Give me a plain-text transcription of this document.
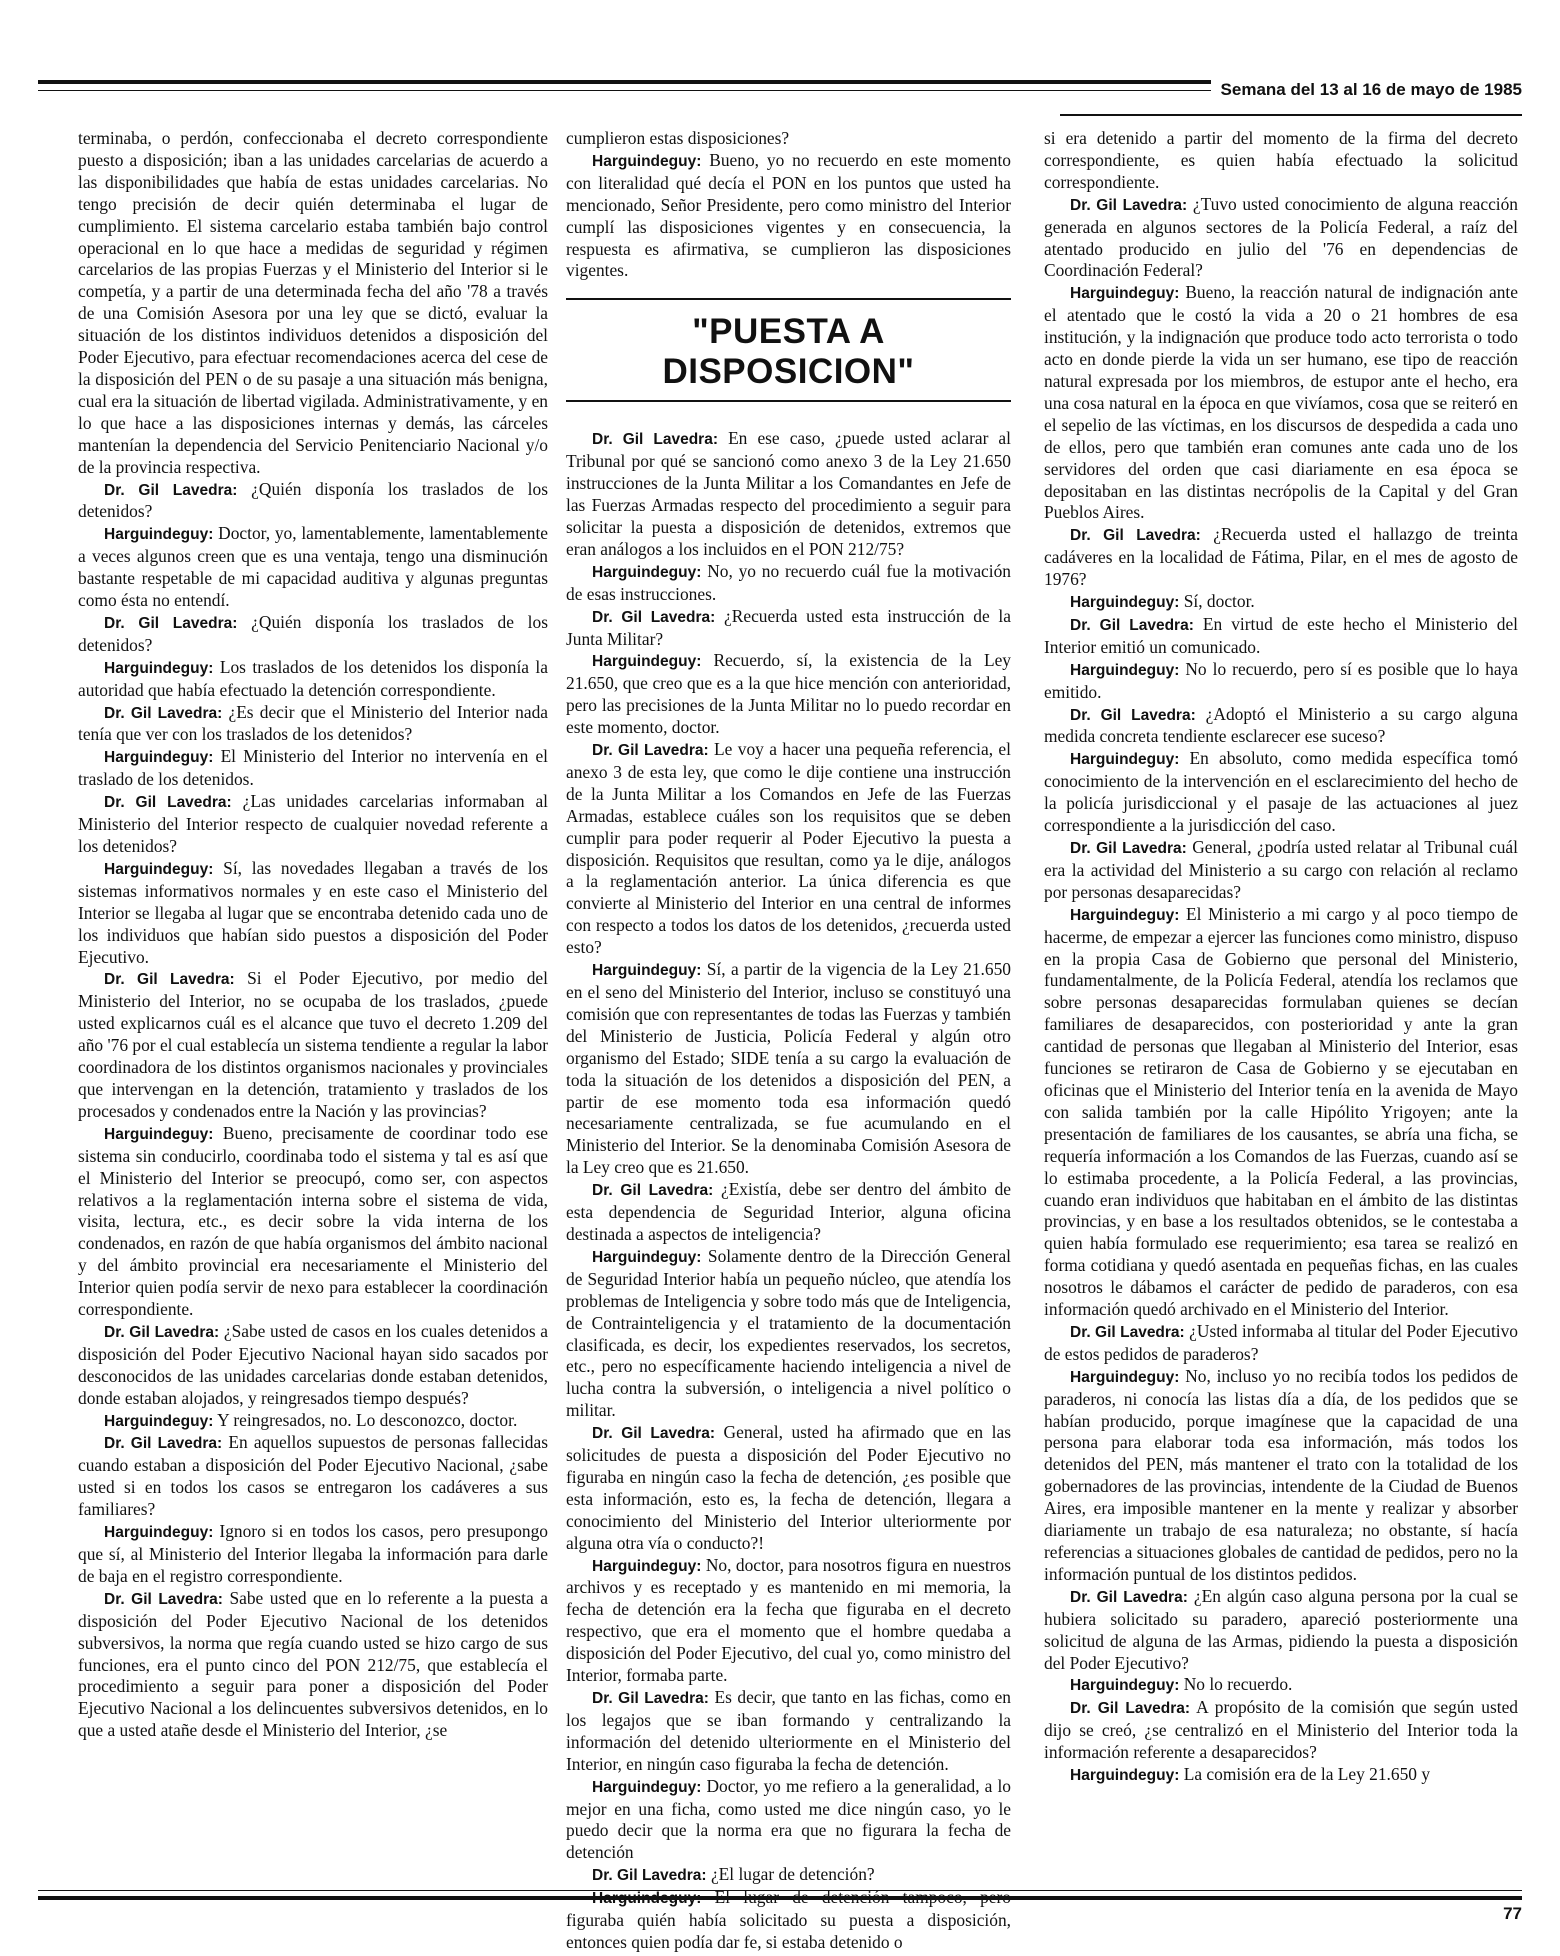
Semana del 13 al 16 de mayo de 1985

terminaba, o perdón, confeccionaba el decreto correspondiente puesto a disposición; iban a las unidades carcelarias de acuerdo a las disponibilidades que había de estas unidades carcelarias. No tengo precisión de decir quién determinaba el lugar de cumplimiento. El sistema carcelario estaba también bajo control operacional en lo que hace a medidas de seguridad y régimen carcelarios de las propias Fuerzas y el Ministerio del Interior si le competía, y a partir de una determinada fecha del año '78 a través de una Comisión Asesora por una ley que se dictó, evaluar la situación de los distintos individuos detenidos a disposición del Poder Ejecutivo, para efectuar recomendaciones acerca del cese de la disposición del PEN o de su pasaje a una situación más benigna, cual era la situación de libertad vigilada. Administrativamente, y en lo que hace a las disposiciones internas y demás, las cárceles mantenían la dependencia del Servicio Penitenciario Nacional y/o de la provincia respectiva.

Dr. Gil Lavedra: ¿Quién disponía los traslados de los detenidos?

Harguindeguy: Doctor, yo, lamentablemente, lamentablemente a veces algunos creen que es una ventaja, tengo una disminución bastante respetable de mi capacidad auditiva y algunas preguntas como ésta no entendí.

Dr. Gil Lavedra: ¿Quién disponía los traslados de los detenidos?

Harguindeguy: Los traslados de los detenidos los disponía la autoridad que había efectuado la detención correspondiente.

Dr. Gil Lavedra: ¿Es decir que el Ministerio del Interior nada tenía que ver con los traslados de los detenidos?

Harguindeguy: El Ministerio del Interior no intervenía en el traslado de los detenidos.

Dr. Gil Lavedra: ¿Las unidades carcelarias informaban al Ministerio del Interior respecto de cualquier novedad referente a los detenidos?

Harguindeguy: Sí, las novedades llegaban a través de los sistemas informativos normales y en este caso el Ministerio del Interior se llegaba al lugar que se encontraba detenido cada uno de los individuos que habían sido puestos a disposición del Poder Ejecutivo.

Dr. Gil Lavedra: Si el Poder Ejecutivo, por medio del Ministerio del Interior, no se ocupaba de los traslados, ¿puede usted explicarnos cuál es el alcance que tuvo el decreto 1.209 del año '76 por el cual establecía un sistema tendiente a regular la labor coordinadora de los distintos organismos nacionales y provinciales que intervengan en la detención, tratamiento y traslados de los procesados y condenados entre la Nación y las provincias?

Harguindeguy: Bueno, precisamente de coordinar todo ese sistema sin conducirlo, coordinaba todo el sistema y tal es así que el Ministerio del Interior se preocupó, como ser, con aspectos relativos a la reglamentación interna sobre el sistema de vida, visita, lectura, etc., es decir sobre la vida interna de los condenados, en razón de que había organismos del ámbito nacional y del ámbito provincial era necesariamente el Ministerio del Interior quien podía servir de nexo para establecer la coordinación correspondiente.

Dr. Gil Lavedra: ¿Sabe usted de casos en los cuales detenidos a disposición del Poder Ejecutivo Nacional hayan sido sacados por desconocidos de las unidades carcelarias donde estaban detenidos, donde estaban alojados, y reingresados tiempo después?

Harguindeguy: Y reingresados, no. Lo desconozco, doctor.

Dr. Gil Lavedra: En aquellos supuestos de personas fallecidas cuando estaban a disposición del Poder Ejecutivo Nacional, ¿sabe usted si en todos los casos se entregaron los cadáveres a sus familiares?

Harguindeguy: Ignoro si en todos los casos, pero presupongo que sí, al Ministerio del Interior llegaba la información para darle de baja en el registro correspondiente.

Dr. Gil Lavedra: Sabe usted que en lo referente a la puesta a disposición del Poder Ejecutivo Nacional de los detenidos subversivos, la norma que regía cuando usted se hizo cargo de sus funciones, era el punto cinco del PON 212/75, que establecía el procedimiento a seguir para poner a disposición del Poder Ejecutivo Nacional a los delincuentes subversivos detenidos, en lo que a usted atañe desde el Ministerio del Interior, ¿se

cumplieron estas disposiciones?

Harguindeguy: Bueno, yo no recuerdo en este momento con literalidad qué decía el PON en los puntos que usted ha mencionado, Señor Presidente, pero como ministro del Interior cumplí las disposiciones vigentes y en consecuencia, la respuesta es afirmativa, se cumplieron las disposiciones vigentes.

"PUESTA A DISPOSICION"

Dr. Gil Lavedra: En ese caso, ¿puede usted aclarar al Tribunal por qué se sancionó como anexo 3 de la Ley 21.650 instrucciones de la Junta Militar a los Comandantes en Jefe de las Fuerzas Armadas respecto del procedimiento a seguir para solicitar la puesta a disposición de detenidos, extremos que eran análogos a los incluidos en el PON 212/75?

Harguindeguy: No, yo no recuerdo cuál fue la motivación de esas instrucciones.

Dr. Gil Lavedra: ¿Recuerda usted esta instrucción de la Junta Militar?

Harguindeguy: Recuerdo, sí, la existencia de la Ley 21.650, que creo que es a la que hice mención con anterioridad, pero las precisiones de la Junta Militar no lo puedo recordar en este momento, doctor.

Dr. Gil Lavedra: Le voy a hacer una pequeña referencia, el anexo 3 de esta ley, que como le dije contiene una instrucción de la Junta Militar a los Comandos en Jefe de las Fuerzas Armadas, establece cuáles son los requisitos que se deben cumplir para poder requerir al Poder Ejecutivo la puesta a disposición. Requisitos que resultan, como ya le dije, análogos a la reglamentación anterior. La única diferencia es que convierte al Ministerio del Interior en una central de informes con respecto a todos los datos de los detenidos, ¿recuerda usted esto?

Harguindeguy: Sí, a partir de la vigencia de la Ley 21.650 en el seno del Ministerio del Interior, incluso se constituyó una comisión que con representantes de todas las Fuerzas y también del Ministerio de Justicia, Policía Federal y algún otro organismo del Estado; SIDE tenía a su cargo la evaluación de toda la situación de los detenidos a disposición del PEN, a partir de ese momento toda esa información quedó necesariamente centralizada, se fue acumulando en el Ministerio del Interior. Se la denominaba Comisión Asesora de la Ley creo que es 21.650.

Dr. Gil Lavedra: ¿Existía, debe ser dentro del ámbito de esta dependencia de Seguridad Interior, alguna oficina destinada a aspectos de inteligencia?

Harguindeguy: Solamente dentro de la Dirección General de Seguridad Interior había un pequeño núcleo, que atendía los problemas de Inteligencia y sobre todo más que de Inteligencia, de Contrainteligencia y el tratamiento de la documentación clasificada, es decir, los expedientes reservados, los secretos, etc., pero no específicamente haciendo inteligencia a nivel de lucha contra la subversión, o inteligencia a nivel político o militar.

Dr. Gil Lavedra: General, usted ha afirmado que en las solicitudes de puesta a disposición del Poder Ejecutivo no figuraba en ningún caso la fecha de detención, ¿es posible que esta información, esto es, la fecha de detención, llegara a conocimiento del Ministerio del Interior ulteriormente por alguna otra vía o conducto?!

Harguindeguy: No, doctor, para nosotros figura en nuestros archivos y es receptado y es mantenido en mi memoria, la fecha de detención era la fecha que figuraba en el decreto respectivo, que era el momento que el hombre quedaba a disposición del Poder Ejecutivo, del cual yo, como ministro del Interior, formaba parte.

Dr. Gil Lavedra: Es decir, que tanto en las fichas, como en los legajos que se iban formando y centralizando la información del detenido ulteriormente en el Ministerio del Interior, en ningún caso figuraba la fecha de detención.

Harguindeguy: Doctor, yo me refiero a la generalidad, a lo mejor en una ficha, como usted me dice ningún caso, yo le puedo decir que la norma era que no figurara la fecha de detención

Dr. Gil Lavedra: ¿El lugar de detención?

figuraba quién había solicitado su puesta a disposición, entonces quien podía dar fe, si estaba detenido o

si era detenido a partir del momento de la firma del decreto correspondiente, es quien había efectuado la solicitud correspondiente.

Dr. Gil Lavedra: ¿Tuvo usted conocimiento de alguna reacción generada en algunos sectores de la Policía Federal, a raíz del atentado producido en julio del '76 en dependencias de Coordinación Federal?

Harguindeguy: Bueno, la reacción natural de indignación ante el atentado que le costó la vida a 20 o 21 hombres de esa institución, y la indignación que produce todo acto terrorista o todo acto en donde pierde la vida un ser humano, ese tipo de reacción natural expresada por los miembros, de estupor ante el hecho, era una cosa natural en la época en que vivíamos, cosa que se reiteró en el sepelio de las víctimas, en los discursos de despedida a cada uno de ellos, pero que también eran comunes ante cada uno de los servidores del orden que casi diariamente en esa época se depositaban en las distintas necrópolis de la Capital y del Gran Pueblos Aires.

Dr. Gil Lavedra: ¿Recuerda usted el hallazgo de treinta cadáveres en la localidad de Fátima, Pilar, en el mes de agosto de 1976?

Harguindeguy: Sí, doctor.

Dr. Gil Lavedra: En virtud de este hecho el Ministerio del Interior emitió un comunicado.

Harguindeguy: No lo recuerdo, pero sí es posible que lo haya emitido.

Dr. Gil Lavedra: ¿Adoptó el Ministerio a su cargo alguna medida concreta tendiente esclarecer ese suceso?

Harguindeguy: En absoluto, como medida específica tomó conocimiento de la intervención en el esclarecimiento del hecho de la policía jurisdiccional y el pasaje de las actuaciones al juez correspondiente a la jurisdicción del caso.

Dr. Gil Lavedra: General, ¿podría usted relatar al Tribunal cuál era la actividad del Ministerio a su cargo con relación al reclamo por personas desaparecidas?

Harguindeguy: El Ministerio a mi cargo y al poco tiempo de hacerme, de empezar a ejercer las funciones como ministro, dispuso en la propia Casa de Gobierno que personal del Ministerio, fundamentalmente, de la Policía Federal, atendía los reclamos que sobre personas desaparecidas formulaban quienes se decían familiares de desaparecidos, con posterioridad y ante la gran cantidad de personas que llegaban al Ministerio del Interior, esas funciones se retiraron de Casa de Gobierno y se ejecutaban en oficinas que el Ministerio del Interior tenía en la avenida de Mayo con salida también por la calle Hipólito Yrigoyen; ante la presentación de familiares de los causantes, se abría una ficha, se requería información a los Comandos de las Fuerzas, cuando así se lo estimaba procedente, a la Policía Federal, a las provincias, cuando eran individuos que habitaban en el ámbito de las distintas provincias, y en base a los resultados obtenidos, se le contestaba a quien había formulado ese requerimiento; esa tarea se realizó en forma cotidiana y quedó asentada en pequeñas fichas, en las cuales nosotros le dábamos el carácter de pedido de paraderos, con esa información quedó archivado en el Ministerio del Interior.

Dr. Gil Lavedra: ¿Usted informaba al titular del Poder Ejecutivo de estos pedidos de paraderos?

Harguindeguy: No, incluso yo no recibía todos los pedidos de paraderos, ni conocía las listas día a día, de los pedidos que se habían producido, porque imagínese que la capacidad de una persona para elaborar toda esa información, más todos los detenidos del PEN, más mantener el trato con la totalidad de los gobernadores de las provincias, intendente de la Ciudad de Buenos Aires, era imposible mantener en la mente y realizar y absorber diariamente un trabajo de esa naturaleza; no obstante, sí hacía referencias a situaciones globales de cantidad de pedidos, pero no la información puntual de los distintos pedidos.

Dr. Gil Lavedra: ¿En algún caso alguna persona por la cual se hubiera solicitado su paradero, apareció posteriormente una solicitud de alguna de las Armas, pidiendo la puesta a disposición del Poder Ejecutivo?

Harguindeguy: No lo recuerdo.

Dr. Gil Lavedra: A propósito de la comisión que según usted dijo se creó, ¿se centralizó en el Ministerio del Interior toda la información referente a desaparecidos?

Harguindeguy: La comisión era de la Ley 21.650 y

77
